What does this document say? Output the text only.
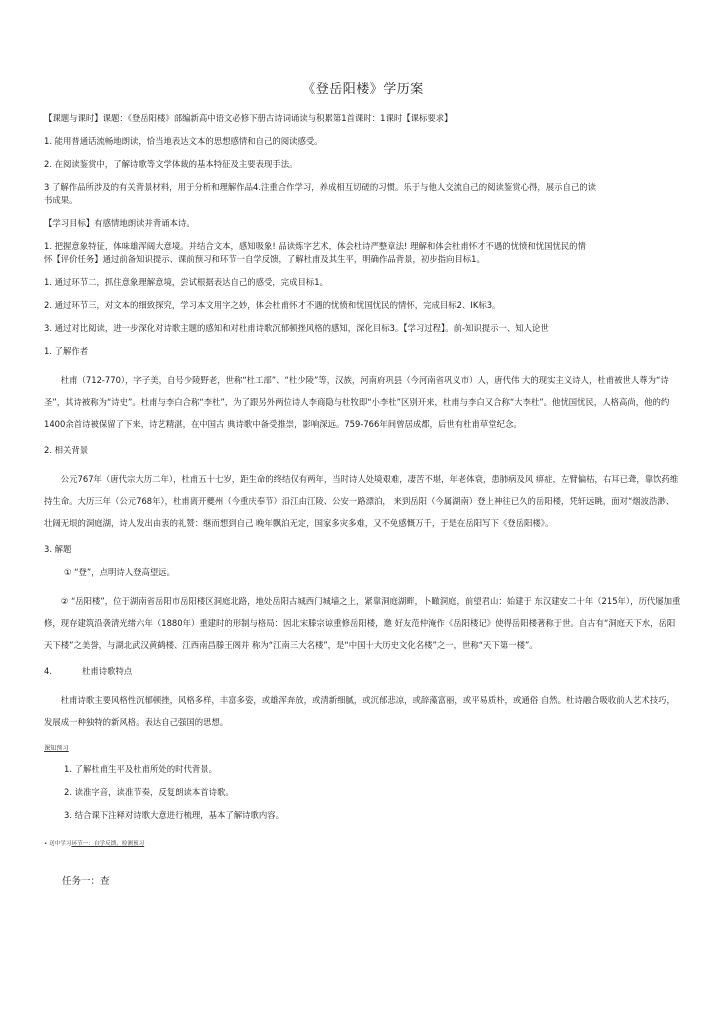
《登岳阳楼》学历案

【课题与课时】课题：《登岳阳楼》部编新高中语文必修下册古诗词诵读与积累第1首课时：1课时【课标要求】

1. 能用普通话流畅地朗读，恰当地表达文本的思想感情和自己的阅读感受。

2. 在阅读鉴赏中，了解诗歌等文学体裁的基本特征及主要表现手法。

3 了解作品所涉及的有关背景材料，用于分析和理解作品4.注重合作学习，养成相互切磋的习惯。乐于与他人交流自己的阅读鉴赏心得，展示自己的读

书成果。

【学习目标】有感情地朗读并背诵本诗。

1. 把握意象特征，体味雄浑阔大意境。并结合文本，感知吸象! 品读炼字艺术，体会杜诗严整章法! 理解和体会杜甫怀才不遇的忧愤和忧国忧民的情

怀【评价任务】通过前备知识提示、课前预习和环节一自学反馈，了解杜甫及其生平，明确作品背景，初步指向目标1。

1. 通过环节二，抓住意象理解意境，尝试根据表达自己的感受，完成目标1。

2. 通过环节三，对文本的细致探究，学习本文用字之妙，体会杜甫怀才不遇的忧愤和忧国忧民的情怀，完成目标2、IK标3。

3. 通过对比阅读，进一步深化对诗歌主题的感知和对杜甫诗歌沉郁顿挫风格的感知，深化目标3。【学习过程】。前-知识提示一、知人论世

1. 了解作者

杜甫（712-770），字子美，自号少陵野老，世称“杜工部”、“杜少陵”等，汉族，河南府巩县（今河南省巩义市）人，唐代伟 大的现实主义诗人，杜甫被世人尊为“诗圣”，其诗被称为“诗史”。杜甫与李白合称“李杜”，为了跟另外两位诗人李商隐与杜牧即“小李杜”区别开来，杜甫与李白又合称“大李杜”。他忧国忧民，人格高尚，他的约1400余首诗被保留了下来，诗艺精湛，在中国古 典诗歌中备受推崇，影响深远。759-766年间曾居成都，后世有杜甫草堂纪念。

2. 相关背景

公元767年（唐代宗大历二年），杜甫五十七岁，距生命的终结仅有两年，当时诗人处境艰难，凄苦不堪，年老体衰，患肺病及风 痹症，左臂偏枯，右耳已聋，靠饮药维持生命。大历三年（公元768年），杜甫离开夔州（今重庆奉节）沿江由江陵、公安一路漂泊， 来到岳阳（今属湖南）登上神往已久的岳阳楼，凭轩远眺，面对“烟波浩渺、壮阔无垠的洞庭湖，诗人发出由衷的礼赞：继而想到自己 晚年飘泊无定，国家多灾多难，又不免感慨万千，于是在岳阳写下《登岳阳楼》。

3. 解题

① “登”，点明诗人登高望远。

② “岳阳楼”，位于湖南省岳阳市岳阳楼区洞庭北路，地处岳阳古城西门城墙之上，紧靠洞庭湖畔，卜瞰洞庭，前望君山：始建于 东汉建安二十年（215年），历代屡加重修，现存建筑沿袭清光绪六年（1880年）重建时的形制与格局：因北宋滕宗谅重修岳阳楼，邀 好友范仲淹作《岳阳楼记》使得岳阳楼著称于世。自古有“洞庭天下水，岳阳天下楼”之美誉，与湖北武汉黄鹤楼、江西南昌滕王阁并 称为“江南三大名楼”，是“中国十大历史文化名楼”之一，世称“天下第一楼”。

4.	杜甫诗歌特点

杜甫诗歌主要风格性沉郁顿挫，风格多样，丰富多姿，或雄浑奔放，或清新细腻，或沉郁悲凉，或辞藻富丽，或平易质朴，或通俗 自然。杜诗融合吸收前人艺术技巧，发展成一种独特的新风格。表达自己强国的思想。

课知预习

1. 了解杜甫生平及杜甫所处的时代背景。

2. 读准字音，读准节奏，反复朗读本首诗歌。

3. 结合课下注释对诗歌大意进行梳理，基本了解诗歌内容。

• 送中学习环节一：自学反馈，检测预习
任务一：查
